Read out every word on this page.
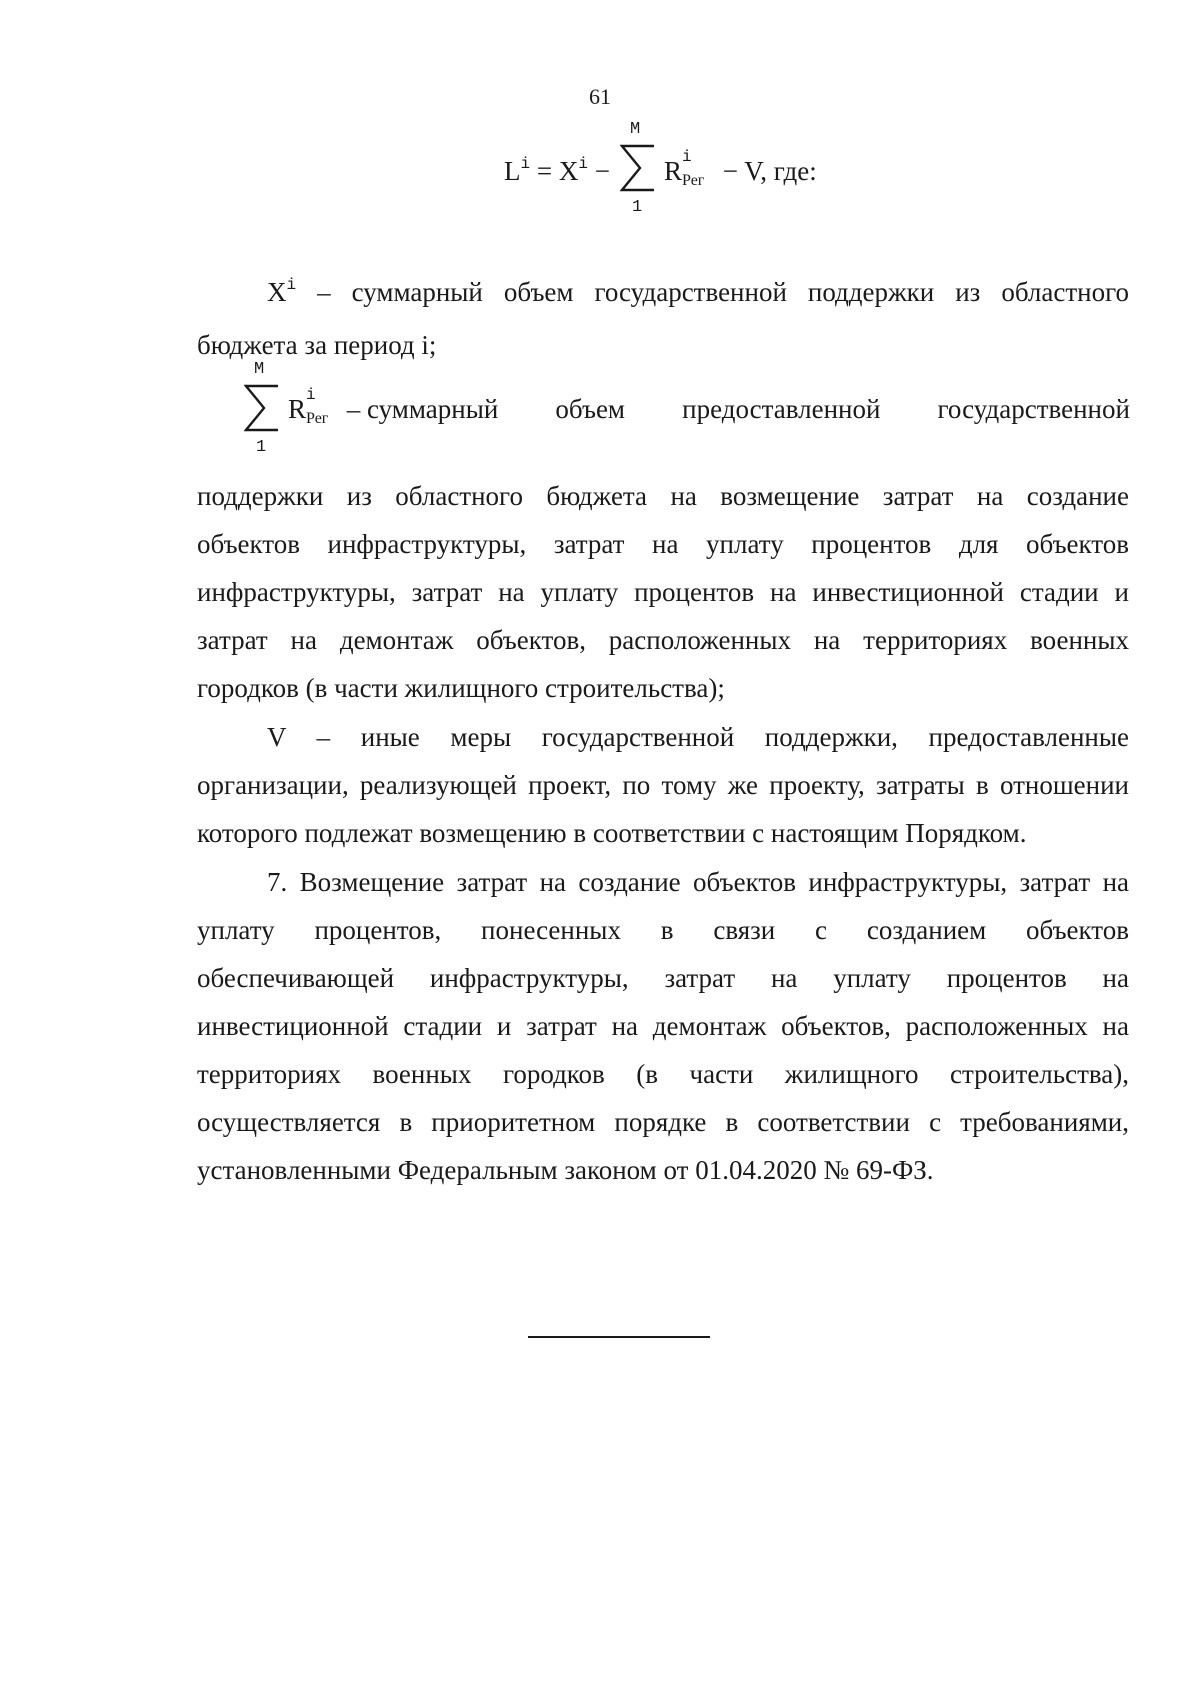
61
$L^i = X^i$ −
M
1
R i
Рег − V, где:
$X^i$ – суммарный объем государственной поддержки из областного
бюджета за период i;
M
1
R i
Рег – суммарный объем предоставленной государственной
поддержки из областного бюджета на возмещение затрат на создание
объектов инфраструктуры, затрат на уплату процентов для объектов
инфраструктуры, затрат на уплату процентов на инвестиционной стадии и
затрат на демонтаж объектов, расположенных на территориях военных
городков (в части жилищного строительства);
V – иные меры государственной поддержки, предоставленные
организации, реализующей проект, по тому же проекту, затраты в отношении
которого подлежат возмещению в соответствии с настоящим Порядком.
7. Возмещение затрат на создание объектов инфраструктуры, затрат на
уплату процентов, понесенных в связи с созданием объектов
обеспечивающей инфраструктуры, затрат на уплату процентов на
инвестиционной стадии и затрат на демонтаж объектов, расположенных на
территориях военных городков (в части жилищного строительства),
осуществляется в приоритетном порядке в соответствии с требованиями,
установленными Федеральным законом от 01.04.2020 № 69-ФЗ.
